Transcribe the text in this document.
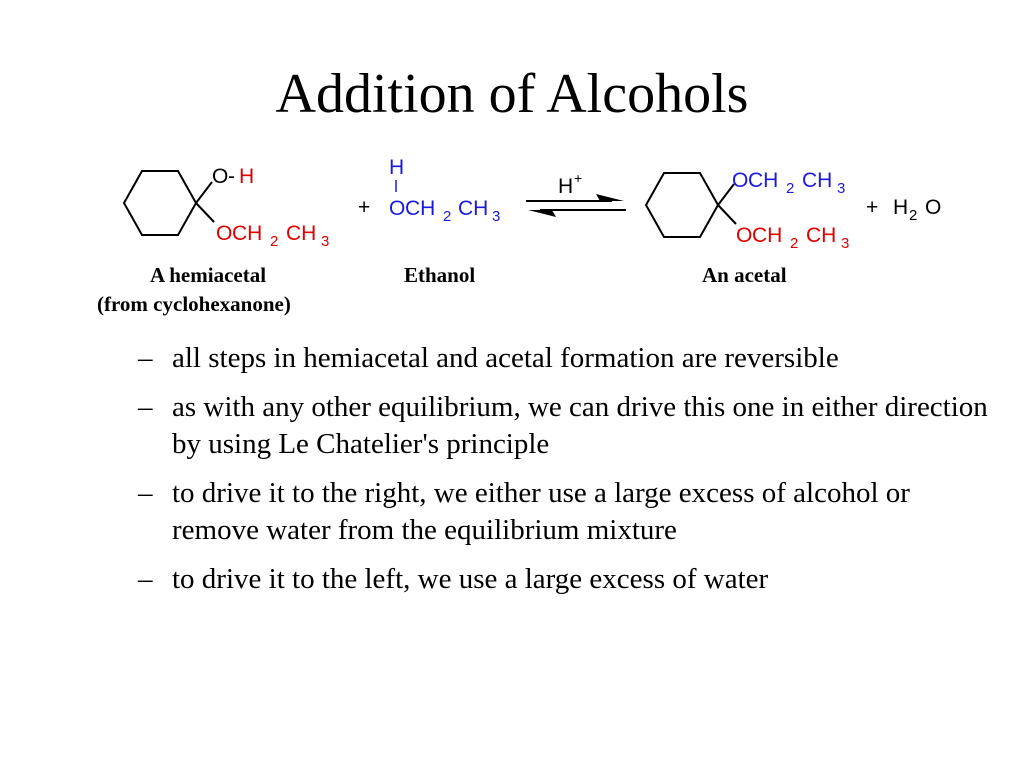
Addition of Alcohols
O - H
O CH 2 CH 3
+
H
O CH 2 CH 3
H +	O CH 2 CH 3
O CH 2 CH 3
+ H 2 O
A hemiacetal
(from cyclohexanone)
Ethanol	An acetal
– all steps in hemiacetal and acetal formation are reversible
– as with any other equilibrium, we can drive this one in either direction by using Le Chatelier's principle
– to drive it to the right, we either use a large excess of alcohol or remove water from the equilibrium mixture
– to drive it to the left, we use a large excess of water
